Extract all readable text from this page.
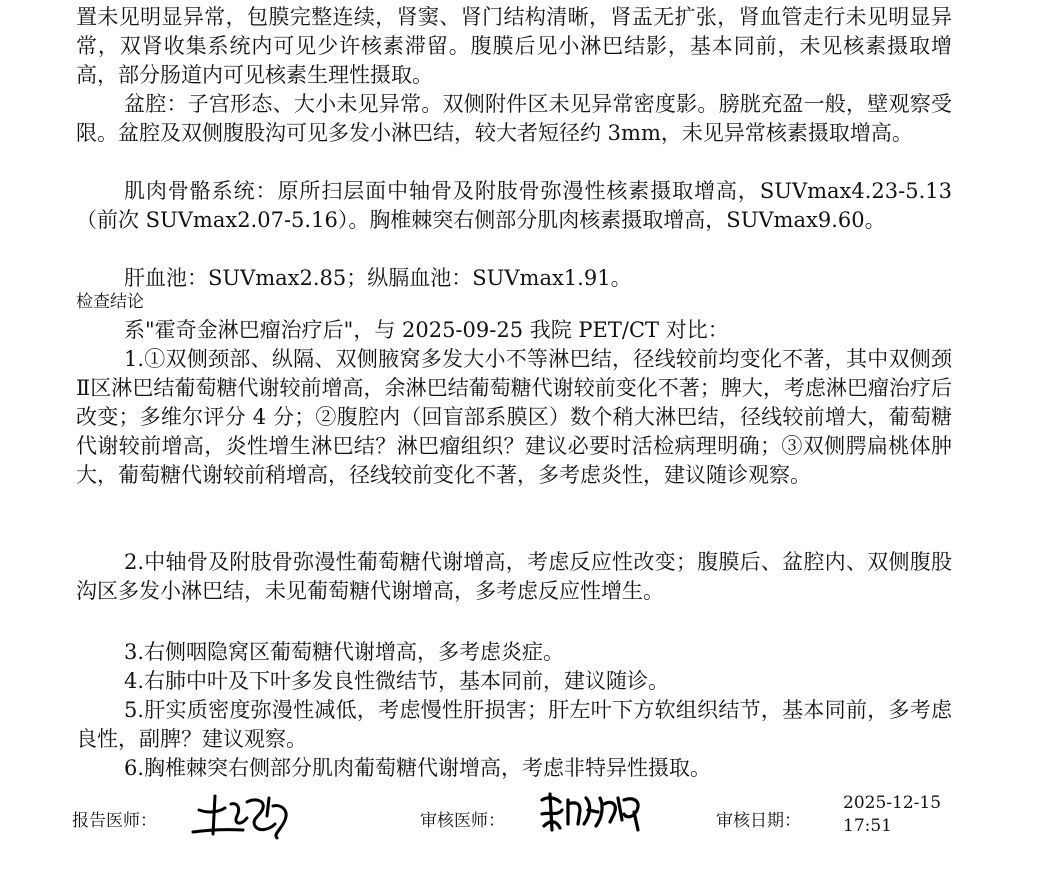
置未见明显异常，包膜完整连续，肾窦、肾门结构清晰，肾盂无扩张，肾血管走行未见明显异常，双肾收集系统内可见少许核素滞留。腹膜后见小淋巴结影，基本同前，未见核素摄取增高，部分肠道内可见核素生理性摄取。

盆腔：子宫形态、大小未见异常。双侧附件区未见异常密度影。膀胱充盈一般，壁观察受限。盆腔及双侧腹股沟可见多发小淋巴结，较大者短径约 3mm，未见异常核素摄取增高。

肌肉骨骼系统：原所扫层面中轴骨及附肢骨弥漫性核素摄取增高，SUVmax4.23-5.13（前次 SUVmax2.07-5.16）。胸椎棘突右侧部分肌肉核素摄取增高，SUVmax9.60。

肝血池：SUVmax2.85；纵膈血池：SUVmax1.91。

检查结论

系"霍奇金淋巴瘤治疗后"，与 2025-09-25 我院 PET/CT 对比：

1.①双侧颈部、纵隔、双侧腋窝多发大小不等淋巴结，径线较前均变化不著，其中双侧颈Ⅱ区淋巴结葡萄糖代谢较前增高，余淋巴结葡萄糖代谢较前变化不著；脾大，考虑淋巴瘤治疗后改变；多维尔评分 4 分；②腹腔内（回盲部系膜区）数个稍大淋巴结，径线较前增大，葡萄糖代谢较前增高，炎性增生淋巴结？淋巴瘤组织？建议必要时活检病理明确；③双侧腭扁桃体肿大，葡萄糖代谢较前稍增高，径线较前变化不著，多考虑炎性，建议随诊观察。

2.中轴骨及附肢骨弥漫性葡萄糖代谢增高，考虑反应性改变；腹膜后、盆腔内、双侧腹股沟区多发小淋巴结，未见葡萄糖代谢增高，多考虑反应性增生。

3.右侧咽隐窝区葡萄糖代谢增高，多考虑炎症。

4.右肺中叶及下叶多发良性微结节，基本同前，建议随诊。

5.肝实质密度弥漫性减低，考虑慢性肝损害；肝左叶下方软组织结节，基本同前，多考虑良性，副脾？建议观察。

6.胸椎棘突右侧部分肌肉葡萄糖代谢增高，考虑非特异性摄取。

报告医师：	审核医师：	审核日期：
2025-12-15
17:51
